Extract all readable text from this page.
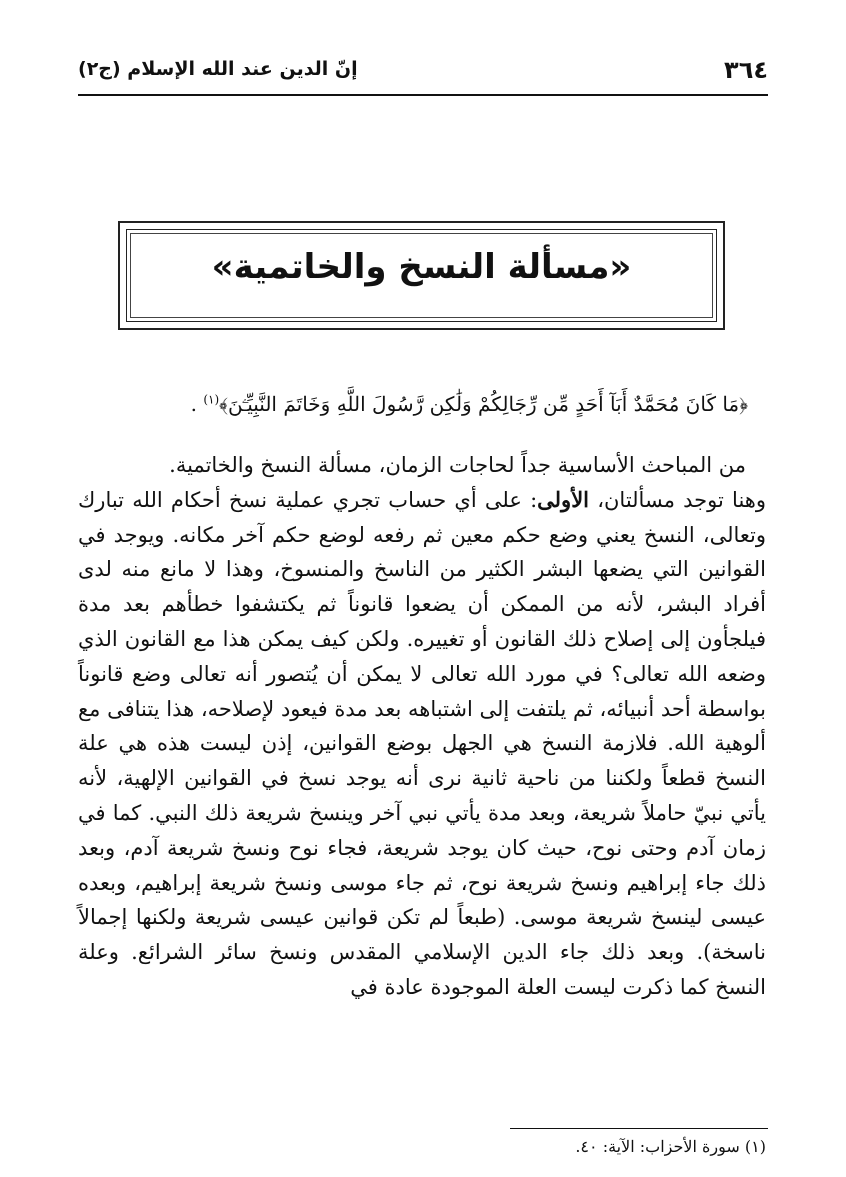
٣٦٤
إنّ الدين عند الله الإسلام (ج٢)
«مسألة النسخ والخاتمية»
﴿مَا كَانَ مُحَمَّدٌ أَبَآ أَحَدٍ مِّن رِّجَالِكُمْ وَلَٰكِن رَّسُولَ اللَّهِ وَخَاتَمَ النَّبِيِّـۧنَ﴾$^{(١)}$ .

من المباحث الأساسية جداً لحاجات الزمان، مسألة النسخ والخاتمية.

وهنا توجد مسألتان، الأولى: على أي حساب تجري عملية نسخ أحكام الله تبارك وتعالى، النسخ يعني وضع حكم معين ثم رفعه لوضع حكم آخر مكانه. ويوجد في القوانين التي يضعها البشر الكثير من الناسخ والمنسوخ، وهذا لا مانع منه لدى أفراد البشر، لأنه من الممكن أن يضعوا قانوناً ثم يكتشفوا خطأهم بعد مدة فيلجأون إلى إصلاح ذلك القانون أو تغييره. ولكن كيف يمكن هذا مع القانون الذي وضعه الله تعالى؟ في مورد الله تعالى لا يمكن أن يُتصور أنه تعالى وضع قانوناً بواسطة أحد أنبيائه، ثم يلتفت إلى اشتباهه بعد مدة فيعود لإصلاحه، هذا يتنافى مع ألوهية الله. فلازمة النسخ هي الجهل بوضع القوانين، إذن ليست هذه هي علة النسخ قطعاً ولكننا من ناحية ثانية نرى أنه يوجد نسخ في القوانين الإلهية، لأنه يأتي نبيّ حاملاً شريعة، وبعد مدة يأتي نبي آخر وينسخ شريعة ذلك النبي. كما في زمان آدم وحتى نوح، حيث كان يوجد شريعة، فجاء نوح ونسخ شريعة آدم، وبعد ذلك جاء إبراهيم ونسخ شريعة نوح، ثم جاء موسى ونسخ شريعة إبراهيم، وبعده عيسى لينسخ شريعة موسى. (طبعاً لم تكن قوانين عيسى شريعة ولكنها إجمالاً ناسخة). وبعد ذلك جاء الدين الإسلامي المقدس ونسخ سائر الشرائع. وعلة النسخ كما ذكرت ليست العلة الموجودة عادة في

(١) سورة الأحزاب: الآية: ٤٠.
